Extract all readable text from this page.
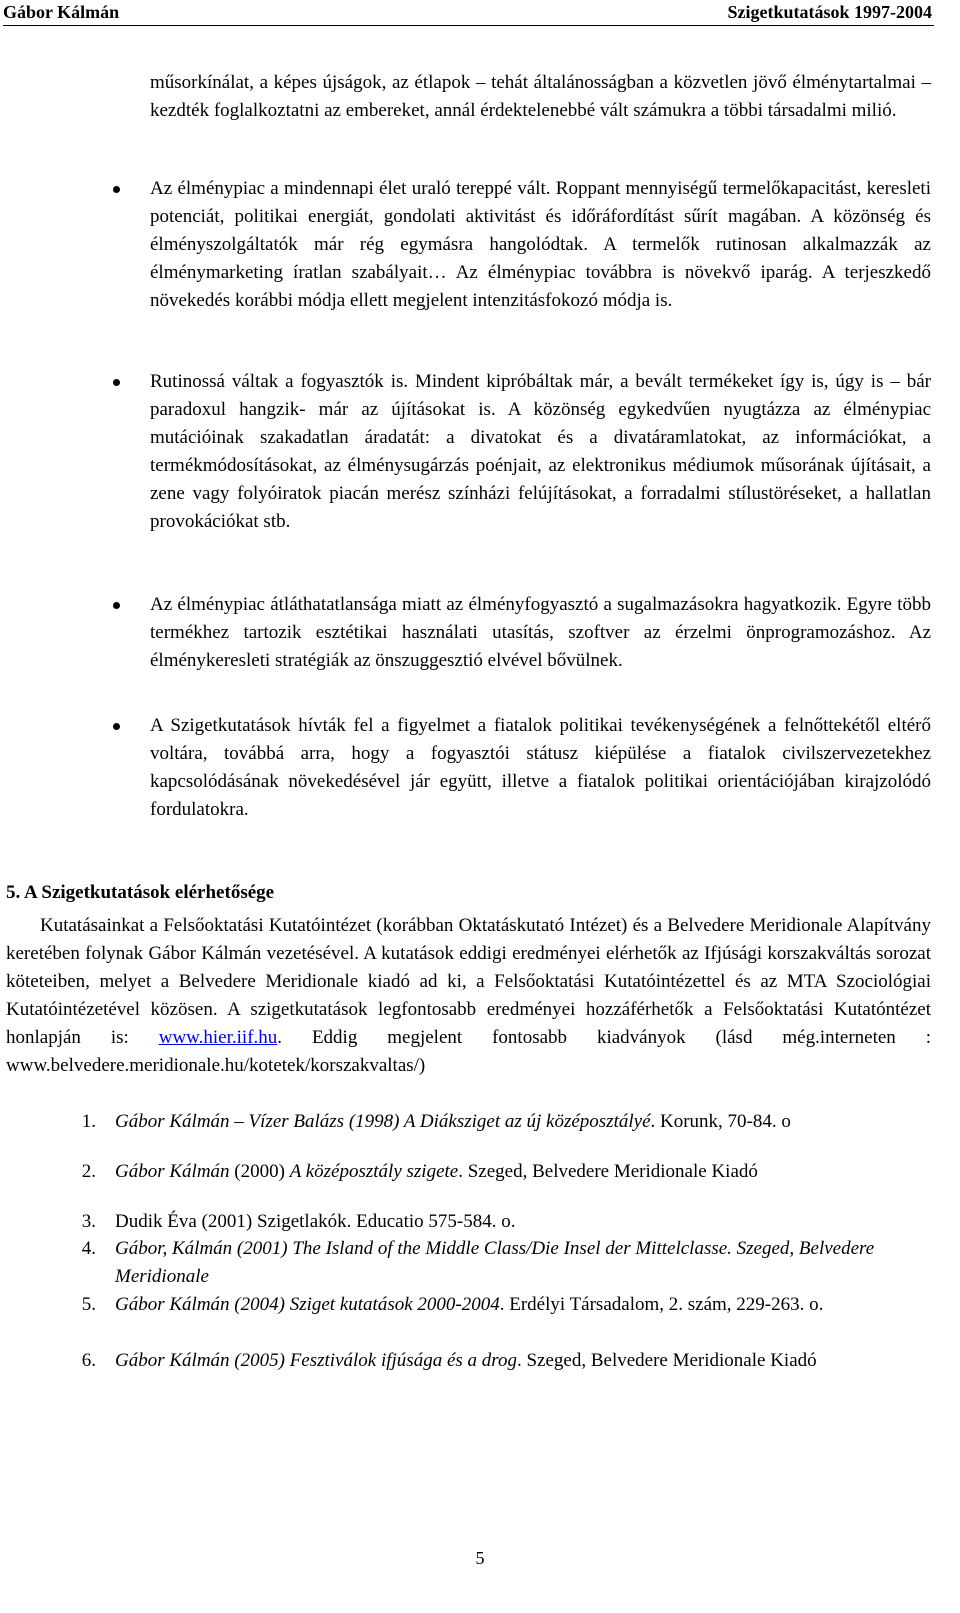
Gábor Kálmán	Szigetkutatások 1997-2004
műsorkínálat, a képes újságok, az étlapok – tehát általánosságban a közvetlen jövő élménytartalmai – kezdték foglalkoztatni az embereket, annál érdektelenebbé vált számukra a többi társadalmi milió.
Az élménypiac a mindennapi élet uraló tereppé vált. Roppant mennyiségű termelőkapacitást, keresleti potenciát, politikai energiát, gondolati aktivitást és időráfordítást sűrít magában. A közönség és élményszolgáltatók már rég egymásra hangolódtak. A termelők rutinosan alkalmazzák az élménymarketing íratlan szabályait… Az élménypiac továbbra is növekvő iparág. A terjeszkedő növekedés korábbi módja ellett megjelent intenzitásfokozó módja is.
Rutinossá váltak a fogyasztók is. Mindent kipróbáltak már, a bevált termékeket így is, úgy is – bár paradoxul hangzik- már az újításokat is. A közönség egykedvűen nyugtázza az élménypiac mutációinak szakadatlan áradatát: a divatokat és a divatáramlatokat, az információkat, a termékmódosításokat, az élménysugárzás poénjait, az elektronikus médiumok műsorának újításait, a zene vagy folyóiratok piacán merész színházi felújításokat, a forradalmi stílustöréseket, a hallatlan provokációkat stb.
Az élménypiac átláthatatlansága miatt az élményfogyasztó a sugalmazásokra hagyatkozik. Egyre több termékhez tartozik esztétikai használati utasítás, szoftver az érzelmi önprogramozáshoz. Az élménykeresleti stratégiák az önszuggesztió elvével bővülnek.
A Szigetkutatások hívták fel a figyelmet a fiatalok politikai tevékenységének a felnőttekétől eltérő voltára, továbbá arra, hogy a fogyasztói státusz kiépülése a fiatalok civilszervezetekhez kapcsolódásának növekedésével jár együtt, illetve a fiatalok politikai orientációjában kirajzolódó fordulatokra.
5. A Szigetkutatások elérhetősége
Kutatásainkat a Felsőoktatási Kutatóintézet (korábban Oktatáskutató Intézet) és a Belvedere Meridionale Alapítvány keretében folynak Gábor Kálmán vezetésével. A kutatások eddigi eredményei elérhetők az Ifjúsági korszakváltás sorozat köteteiben, melyet a Belvedere Meridionale kiadó ad ki, a Felsőoktatási Kutatóintézettel és az MTA Szociológiai Kutatóintézetével közösen. A szigetkutatások legfontosabb eredményei hozzáférhetők a Felsőoktatási Kutatóntézet honlapján is: www.hier.iif.hu. Eddig megjelent fontosabb kiadványok (lásd még.interneten : www.belvedere.meridionale.hu/kotetek/korszakvaltas/)
1. Gábor Kálmán – Vízer Balázs (1998) A Diáksziget az új középosztályé. Korunk, 70-84. o
2. Gábor Kálmán (2000) A középosztály szigete. Szeged, Belvedere Meridionale Kiadó
3. Dudik Éva (2001) Szigetlakók. Educatio 575-584. o.
4. Gábor, Kálmán (2001) The Island of the Middle Class/Die Insel der Mittelclasse. Szeged, Belvedere Meridionale
5. Gábor Kálmán (2004) Sziget kutatások 2000-2004. Erdélyi Társadalom, 2. szám, 229-263. o.
6. Gábor Kálmán (2005) Fesztiválok ifjúsága és a drog. Szeged, Belvedere Meridionale Kiadó
5
